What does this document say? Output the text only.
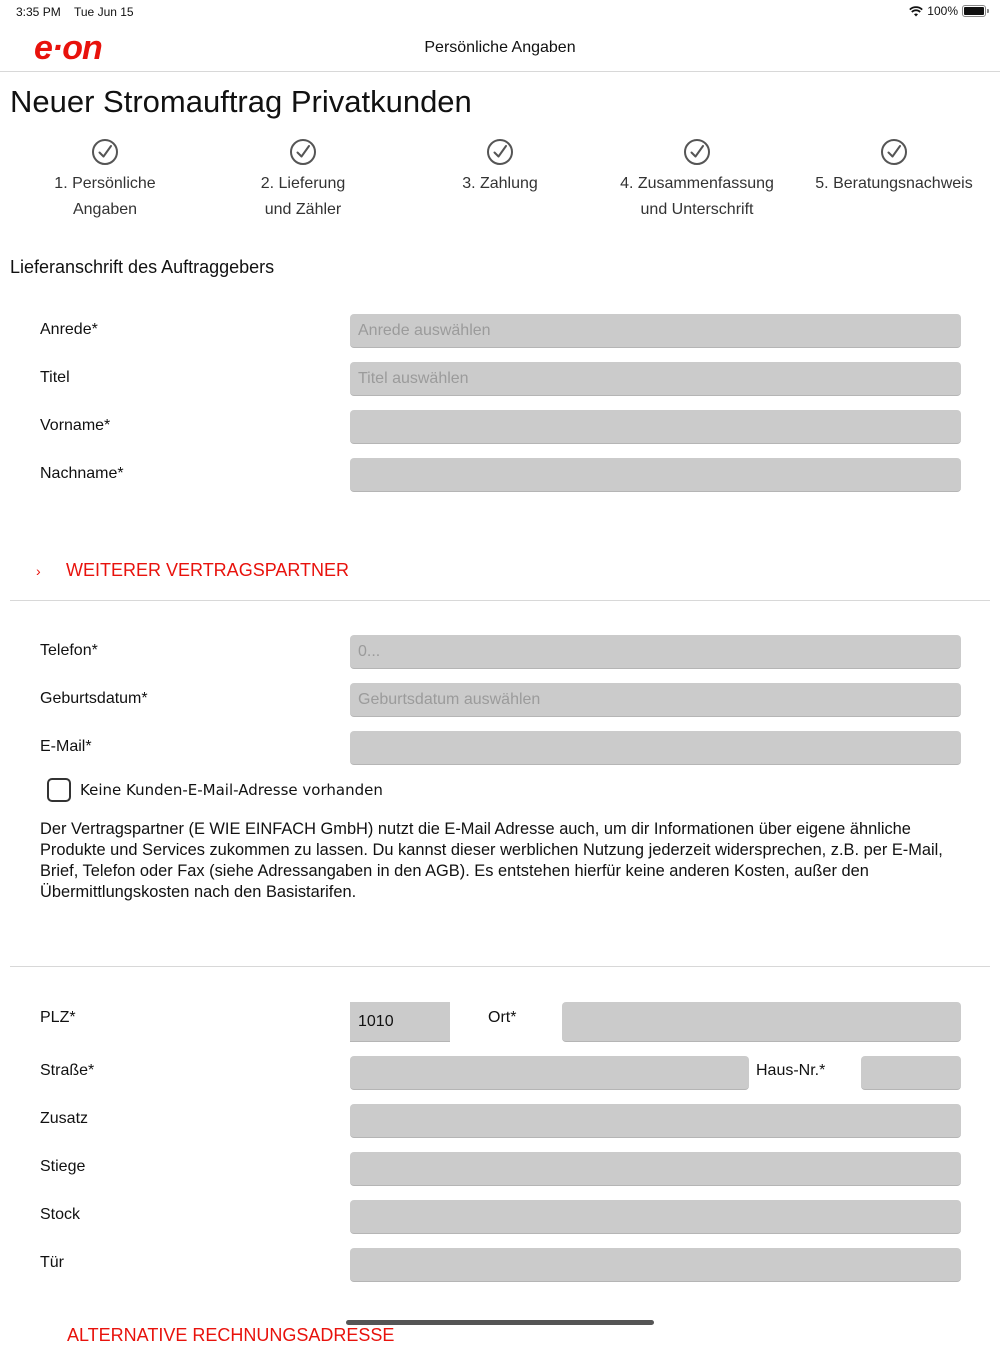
3:35 PM Tue Jun 15	100%
e·on	Persönliche Angaben
Neuer Stromauftrag Privatkunden
1. Persönliche
Angaben
2. Lieferung
und Zähler
3. Zahlung	4. Zusammenfassung
und Unterschrift
5. Beratungsnachweis
Lieferanschrift des Auftraggebers
Anrede*	Anrede auswählen
Titel	Titel auswählen
Vorname*
Nachname*
›	WEITERER VERTRAGSPARTNER
Telefon*	0...
Geburtsdatum*	Geburtsdatum auswählen
E-Mail*
Keine Kunden-E-Mail-Adresse vorhanden
Der Vertragspartner (E WIE EINFACH GmbH) nutzt die E-Mail Adresse auch, um dir Informationen über eigene ähnliche Produkte und Services zukommen zu lassen. Du kannst dieser werblichen Nutzung jederzeit widersprechen, z.B. per E-Mail, Brief, Telefon oder Fax (siehe Adressangaben in den AGB). Es entstehen hierfür keine anderen Kosten, außer den Übermittlungskosten nach den Basistarifen.
PLZ*	1010	Ort*
Straße*	Haus-Nr.*
Zusatz
Stiege
Stock
Tür
ALTERNATIVE RECHNUNGSADRESSE
